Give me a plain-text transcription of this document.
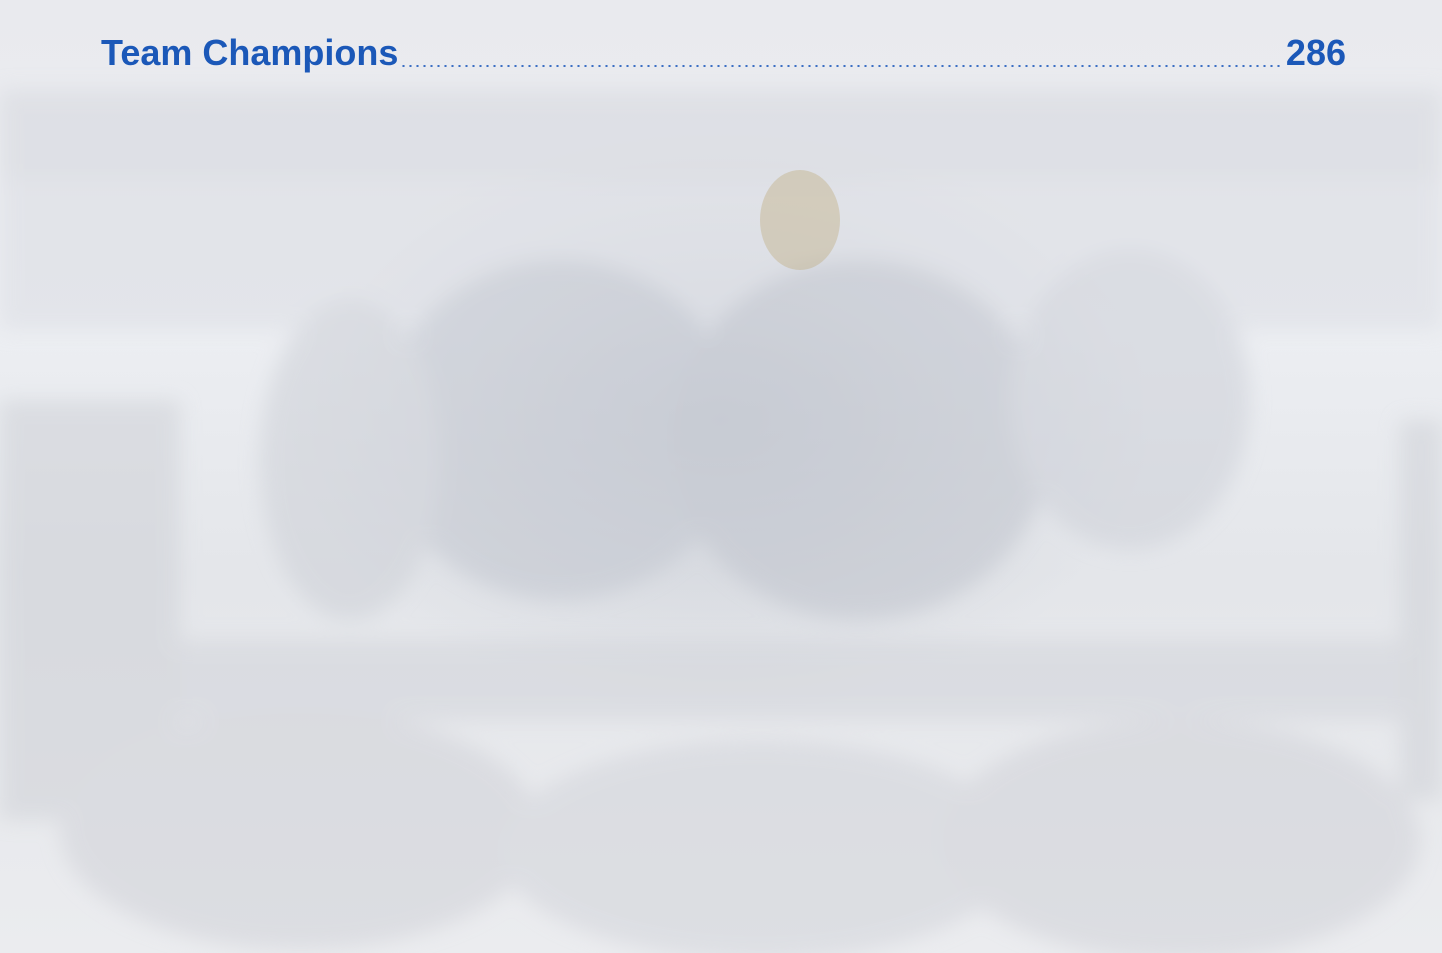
Team Champions	286
